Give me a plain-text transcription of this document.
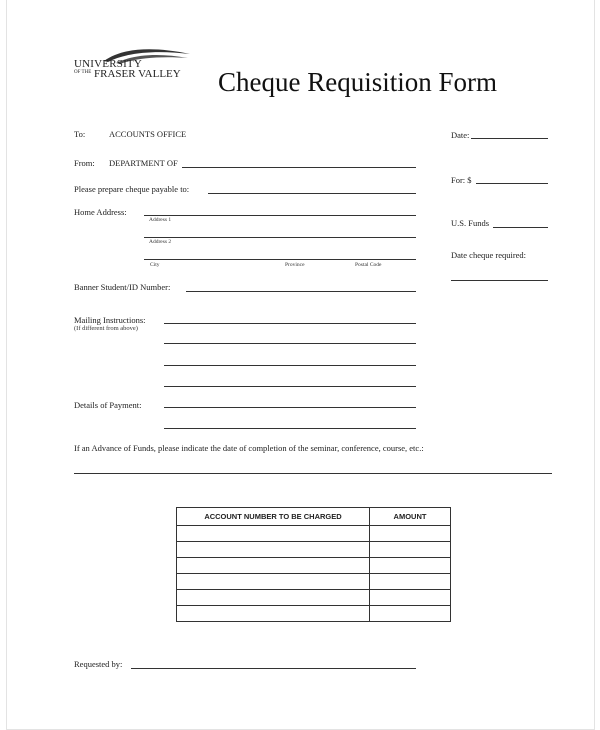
UNIVERSITY
OF THE FRASER VALLEY Cheque Requisition Form
To:	ACCOUNTS OFFICE	Date:
From: DEPARTMENT OF
For: $
Please prepare cheque payable to:
Home Address:
Address 1	U.S. Funds
Address 2
City	Province	Postal Code
Date cheque required:
Banner Student/ID Number:
Mailing Instructions:
(If different from above)
Details of Payment:
If an Advance of Funds, please indicate the date of completion of the seminar, conference, course, etc.:
ACCOUNT NUMBER TO BE CHARGED	AMOUNT

Requested by:
